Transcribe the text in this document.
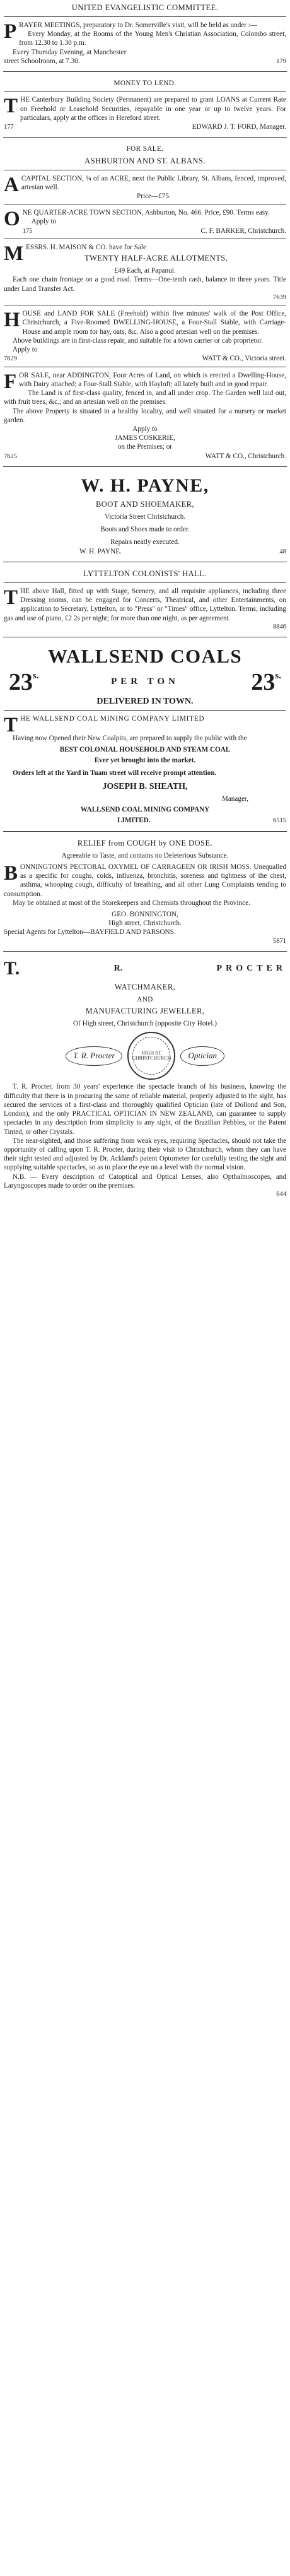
UNITED EVANGELISTIC COMMITTEE.

PRAYER MEETINGS, preparatory to Dr. Somerville's visit, will be held as under :—

Every Monday, at the Rooms of the Young Men's Christian Association, Colombo street, from 12.30 to 1.30 p.m.

Every Thursday Evening, at Manchester
street Schoolroom, at 7.30.	179
MONEY TO LEND.

THE Canterbury Building Society (Permanent) are prepared to grant LOANS at Current Rate on Freehold or Leasehold Securities, repayable in one year or up to twelve years. For particulars, apply at the offices in Hereford street.

177	EDWARD J. T. FORD, Manager.
FOR SALE.
ASHBURTON AND ST. ALBANS.

ACAPITAL SECTION, ¼ of an ACRE, next the Public Library, St. Albans, fenced, improved, artesian well.

Price—£75.

ONE QUARTER-ACRE TOWN SECTION, Ashburton, No. 466. Price, £90. Terms easy.

Apply to

175	C. F. BARKER, Christchurch.

MESSRS. H. MAISON & CO. have for Sale

TWENTY HALF-ACRE ALLOTMENTS,

£49 Each, at Papanui.

Each one chain frontage on a good road. Terms—One-tenth cash, balance in three years. Title under Land Transfer Act.

7639

HOUSE and LAND FOR SALE (Freehold) within five minutes' walk of the Post Office, Christchurch, a Five-Roomed DWELLING-HOUSE, a Four-Stall Stable, with Carriage-House and ample room for hay, oats, &c. Also a good artesian well on the premises.

Above buildings are in first-class repair, and suitable for a town carrier or cab proprietor.

Apply to

7629	WATT & CO., Victoria street.

FOR SALE, near ADDINGTON, Four Acres of Land, on which is erected a Dwelling-House, with Dairy attached; a Four-Stall Stable, with Hayloft; all lately built and in good repair.

The Land is of first-class quality, fenced in, and all under crop. The Garden well laid out, with fruit trees, &c.; and an artesian well on the premises.

The above Property is situated in a healthy locality, and well situated for a nursery or market garden.

Apply to

JAMES COSKERIE,

on the Premises; or

7625	WATT & CO., Christchurch.
W. H. PAYNE,
BOOT AND SHOEMAKER,

Victoria Street Christchurch.

Boots and Shoes made to order.

Repairs neatly executed.

W. H. PAYNE.	48
LYTTELTON COLONISTS' HALL.

THE above Hall, fitted up with Stage, Scenery, and all requisite appliances, including three Dressing rooms, can be engaged for Concerts, Theatrical, and other Entertainments, on application to Secretary, Lyttelton, or to "Press" or "Times" office, Lyttelton. Terms, including gas and use of piano, £2 2s per night; for more than one night, as per agreement.

8846

WALLSEND COALS
23s.
PER TON	23s.
DELIVERED IN TOWN.

THE WALLSEND COAL MINING COMPANY LIMITED

Having now Opened their New Coalpits, are prepared to supply the public with the

BEST COLONIAL HOUSEHOLD AND STEAM COAL

Ever yet brought into the market.

Orders left at the Yard in Tuam street will receive prompt attention.

JOSEPH B. SHEATH,

Manager,

WALLSEND COAL MINING COMPANY
LIMITED.	6515
RELIEF from COUGH by ONE DOSE.

Agreeable to Taste, and contains no Deleterious Substance.

BONNINGTON'S PECTORAL OXYMEL OF CARRAGEEN OR IRISH MOSS. Unequalled as a specific for coughs, colds, influenza, bronchitis, soreness and tightness of the chest, asthma, whooping cough, difficulty of breathing, and all other Lung Complaints tending to consumption.

May be obtained at most of the Storekeepers and Chemists throughout the Province.

GEO. BONNINGTON,

High street, Christchurch.

Special Agents for Lyttelton—BAYFIELD AND PARSONS.

5871

T.	R.	PROCTER
WATCHMAKER,
AND
MANUFACTURING JEWELLER,

Of High street, Christchurch (opposite City Hotel.)

T. R. Procter	HIGH ST. CHRISTCHURCH	Optician

T. R. Procter, from 30 years' experience the spectacle branch of his business, knowing the difficulty that there is in procuring the same of reliable material, properly adjusted to the sight, has secured the services of a first-class and thoroughly qualified Optician (late of Dollond and Son, London), and the only PRACTICAL OPTICIAN IN NEW ZEALAND, can guarantee to supply spectacles in any description from simplicity to any sight, of the Brazilian Pebbles, or the Patent Tinted, or other Crystals.

The near-sighted, and those suffering from weak eyes, requiring Spectacles, should not take the opportunity of calling upon T. R. Procter, during their visit to Christchurch, whom they can have their sight tested and adjusted by Dr. Ackland's patent Optometer for carefully testing the sight and supplying suitable spectacles, so as to place the eye on a level with the normal vision.

N.B. — Every description of Catoptical and Optical Lenses, also Opthalmoscopes, and Laryngoscopes made to order on the premises.

644
